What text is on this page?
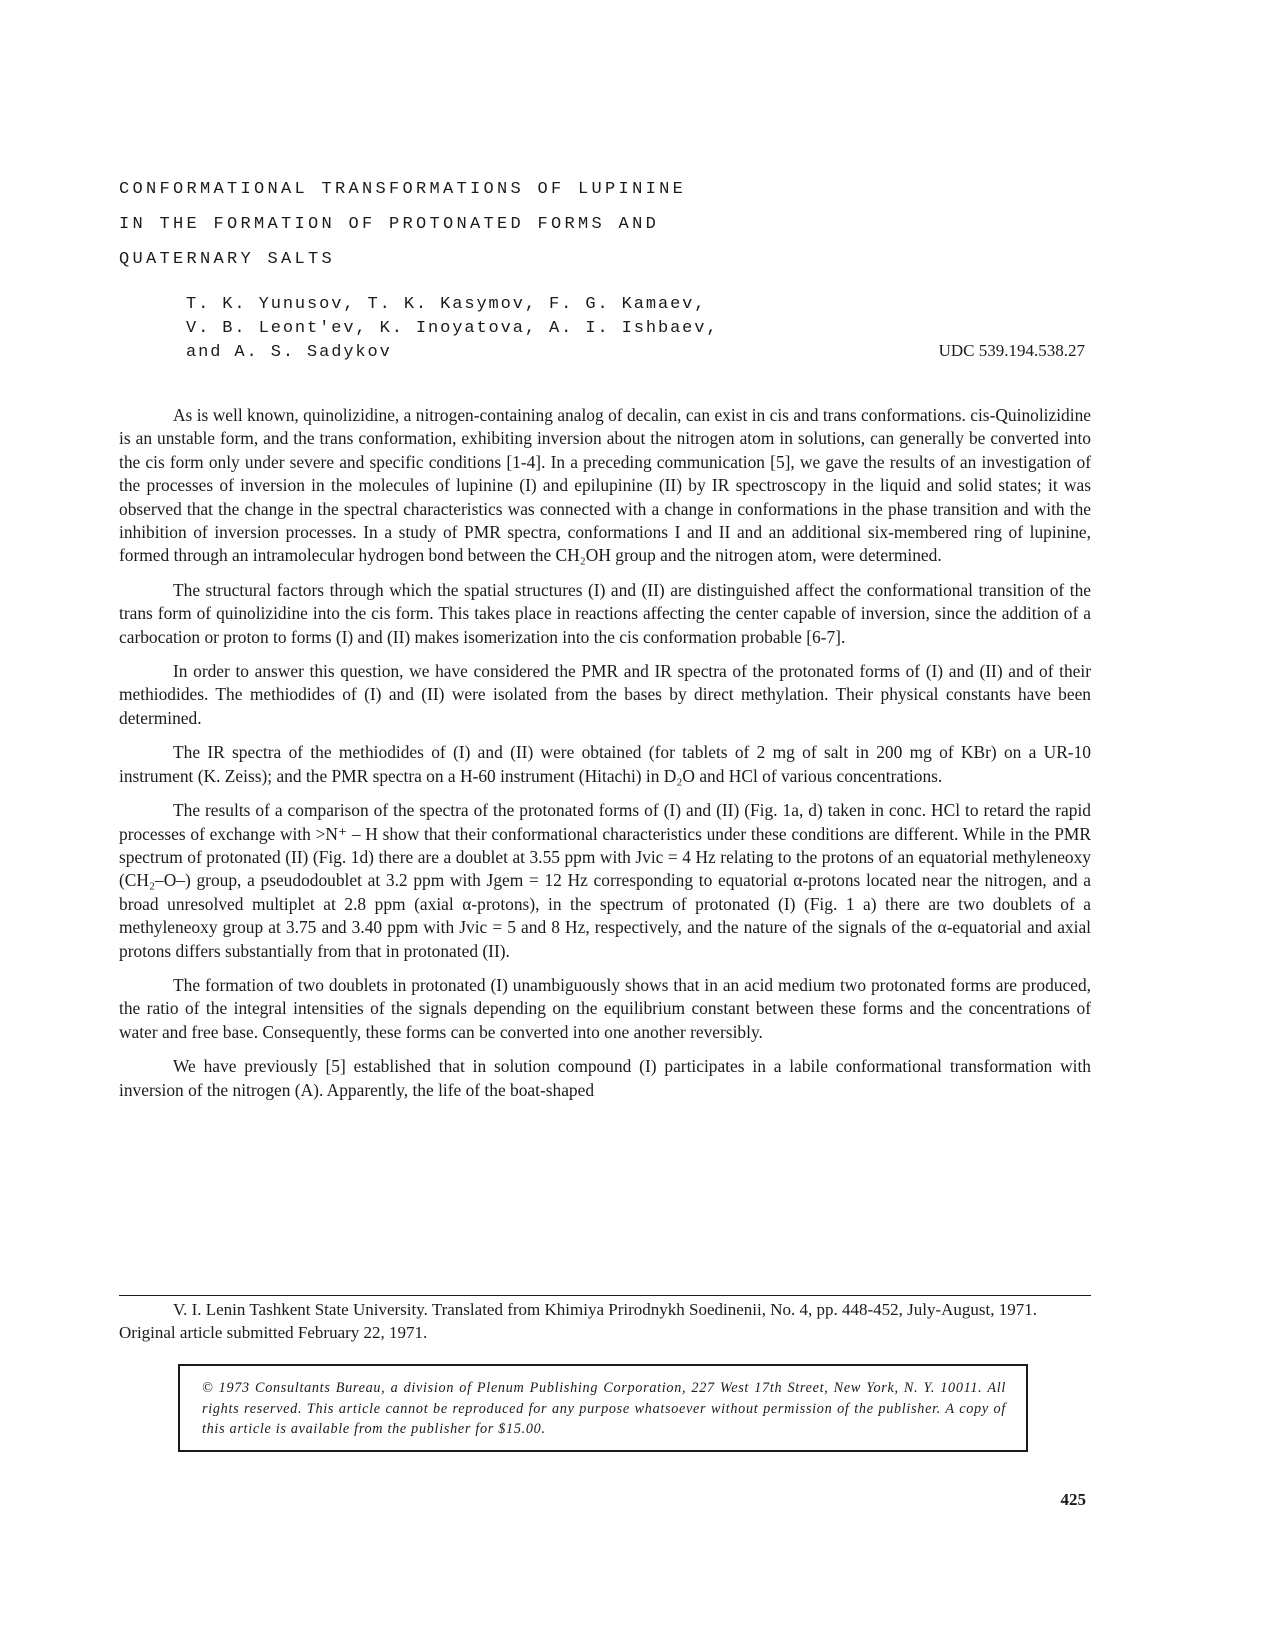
CONFORMATIONAL TRANSFORMATIONS OF LUPININE
IN THE FORMATION OF PROTONATED FORMS AND
QUATERNARY SALTS
T. K. Yunusov, T. K. Kasymov, F. G. Kamaev,
V. B. Leont'ev, K. Inoyatova, A. I. Ishbaev,
and A. S. Sadykov	UDC 539.194.538.27

As is well known, quinolizidine, a nitrogen-containing analog of decalin, can exist in cis and trans conformations. cis-Quinolizidine is an unstable form, and the trans conformation, exhibiting inversion about the nitrogen atom in solutions, can generally be converted into the cis form only under severe and specific conditions [1-4]. In a preceding communication [5], we gave the results of an investigation of the processes of inversion in the molecules of lupinine (I) and epilupinine (II) by IR spectroscopy in the liquid and solid states; it was observed that the change in the spectral characteristics was connected with a change in conformations in the phase transition and with the inhibition of inversion processes. In a study of PMR spectra, conformations I and II and an additional six-membered ring of lupinine, formed through an intramolecular hydrogen bond between the CH₂OH group and the nitrogen atom, were determined.

The structural factors through which the spatial structures (I) and (II) are distinguished affect the conformational transition of the trans form of quinolizidine into the cis form. This takes place in reactions affecting the center capable of inversion, since the addition of a carbocation or proton to forms (I) and (II) makes isomerization into the cis conformation probable [6-7].

In order to answer this question, we have considered the PMR and IR spectra of the protonated forms of (I) and (II) and of their methiodides. The methiodides of (I) and (II) were isolated from the bases by direct methylation. Their physical constants have been determined.

The IR spectra of the methiodides of (I) and (II) were obtained (for tablets of 2 mg of salt in 200 mg of KBr) on a UR-10 instrument (K. Zeiss); and the PMR spectra on a H-60 instrument (Hitachi) in D₂O and HCl of various concentrations.

The results of a comparison of the spectra of the protonated forms of (I) and (II) (Fig. 1a, d) taken in conc. HCl to retard the rapid processes of exchange with >N⁺ – H show that their conformational characteristics under these conditions are different. While in the PMR spectrum of protonated (II) (Fig. 1d) there are a doublet at 3.55 ppm with Jvic = 4 Hz relating to the protons of an equatorial methyleneoxy (CH₂–O–) group, a pseudodoublet at 3.2 ppm with Jgem = 12 Hz corresponding to equatorial α-protons located near the nitrogen, and a broad unresolved multiplet at 2.8 ppm (axial α-protons), in the spectrum of protonated (I) (Fig. 1 a) there are two doublets of a methyleneoxy group at 3.75 and 3.40 ppm with Jvic = 5 and 8 Hz, respectively, and the nature of the signals of the α-equatorial and axial protons differs substantially from that in protonated (II).

The formation of two doublets in protonated (I) unambiguously shows that in an acid medium two protonated forms are produced, the ratio of the integral intensities of the signals depending on the equilibrium constant between these forms and the concentrations of water and free base. Consequently, these forms can be converted into one another reversibly.

We have previously [5] established that in solution compound (I) participates in a labile conformational transformation with inversion of the nitrogen (A). Apparently, the life of the boat-shaped

V. I. Lenin Tashkent State University. Translated from Khimiya Prirodnykh Soedinenii, No. 4, pp. 448-452, July-August, 1971. Original article submitted February 22, 1971.
© 1973 Consultants Bureau, a division of Plenum Publishing Corporation, 227 West 17th Street, New York, N. Y. 10011. All rights reserved. This article cannot be reproduced for any purpose whatsoever without permission of the publisher. A copy of this article is available from the publisher for $15.00.
425
